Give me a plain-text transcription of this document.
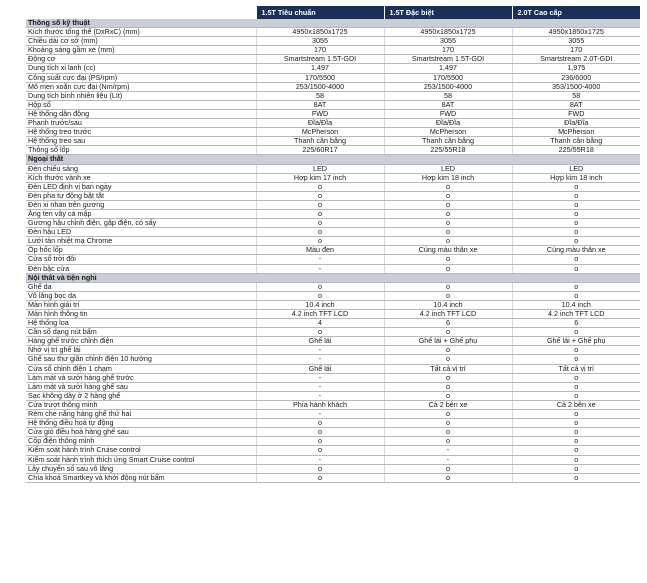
	1.5T Tiêu chuẩn	1.5T Đặc biệt	2.0T Cao cấp
Thông số kỹ thuật			
Kích thước tổng thể (DxRxC) (mm)	4950x1850x1725	4950x1850x1725	4950x1850x1725
Chiều dài cơ sở (mm)	3055	3055	3055
Khoảng sáng gầm xe (mm)	170	170	170
Động cơ	Smartstream 1.5T-GDI	Smartstream 1.5T-GDI	Smartstream 2.0T-GDI
Dung tích xi lanh (cc)	1,497	1,497	1,975
Công suất cực đại (PS/rpm)	170/5500	170/5500	236/6000
Mô men xoắn cực đại (Nm/rpm)	253/1500-4000	253/1500-4000	353/1500-4000
Dung tích bình nhiên liệu (Lít)	58	58	58
Hộp số	8AT	8AT	8AT
Hệ thống dẫn động	FWD	FWD	FWD
Phanh trước/sau	Đĩa/Đĩa	Đĩa/Đĩa	Đĩa/Đĩa
Hệ thống treo trước	McPherson	McPherson	McPherson
Hệ thống treo sau	Thanh cân bằng	Thanh cân bằng	Thanh cân bằng
Thông số lốp	225/60R17	225/55R18	225/55R18
Ngoại thất			
Đèn chiếu sáng	LED	LED	LED
Kích thước vành xe	Hợp kim 17 inch	Hợp kim 18 inch	Hợp kim 18 inch
Đèn LED định vị ban ngày	o	o	o
Đèn pha tự động bật tắt	o	o	o
Đèn xi nhan trên gương	o	o	o
Ăng ten vây cá mập	o	o	o
Gương hậu chỉnh điện, gập điện, có sấy	o	o	o
Đèn hậu LED	o	o	o
Lưới tản nhiệt mạ Chrome	o	o	o
Ốp hốc lốp	Màu đen	Cùng màu thân xe	Cùng màu thân xe
Cửa sổ trời đôi	-	o	o
Đèn bậc cửa	-	o	o
Nội thất và tiện nghi			
Ghế da	o	o	o
Vô lăng bọc da	o	o	o
Màn hình giải trí	10.4 inch	10.4 inch	10.4 inch
Màn hình thông tin	4.2 inch TFT LCD	4.2 inch TFT LCD	4.2 inch TFT LCD
Hệ thống loa	4	6	6
Cần số dạng nút bấm	o	o	o
Hàng ghế trước chỉnh điện	Ghế lái	Ghế lái + Ghế phụ	Ghế lái + Ghế phụ
Nhớ vị trí ghế lái	-	o	o
Ghế sau thư giãn chỉnh điện 10 hướng	-	o	o
Cửa sổ chỉnh điện 1 chạm	Ghế lái	Tất cả vị trí	Tất cả vị trí
Làm mát và sưởi hàng ghế trước	-	o	o
Làm mát và sưởi hàng ghế sau	-	o	o
Sạc không dây ở 2 hàng ghế	-	o	o
Cửa trượt thông minh	Phía hành khách	Cả 2 bên xe	Cả 2 bên xe
Rèm che nắng hàng ghế thứ hai	-	o	o
Hệ thống điều hoà tự động	o	o	o
Cửa gió điều hoà hàng ghế sau	o	o	o
Cốp điện thông minh	o	o	o
Kiểm soát hành trình Cruise control	o	-	o
Kiểm soát hành trình thích ứng Smart Cruise control	-	-	o
Lẫy chuyển số sau vô lăng	o	o	o
Chìa khoá Smartkey và khởi động nút bấm	o	o	o
